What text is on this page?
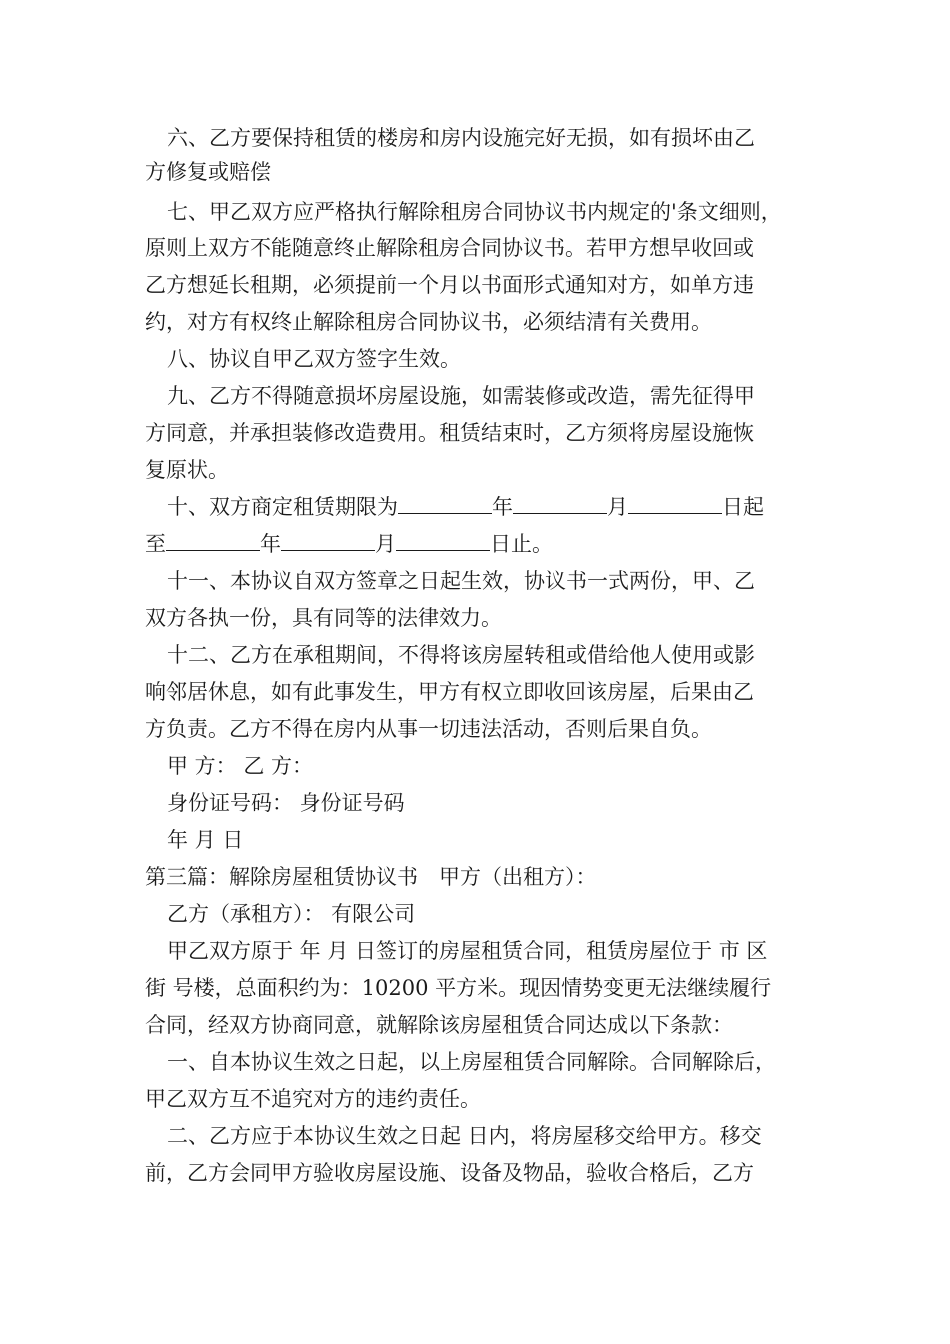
六、乙方要保持租赁的楼房和房内设施完好无损，如有损坏由乙
方修复或赔偿
七、甲乙双方应严格执行解除租房合同协议书内规定的'条文细则，
原则上双方不能随意终止解除租房合同协议书。若甲方想早收回或
乙方想延长租期，必须提前一个月以书面形式通知对方，如单方违
约，对方有权终止解除租房合同协议书，必须结清有关费用。
八、协议自甲乙双方签字生效。
九、乙方不得随意损坏房屋设施，如需装修或改造，需先征得甲
方同意，并承担装修改造费用。租赁结束时，乙方须将房屋设施恢
复原状。
十、双方商定租赁期限为	年	月	日起
至	年	月	日止。
十一、本协议自双方签章之日起生效，协议书一式两份，甲、乙
双方各执一份，具有同等的法律效力。
十二、乙方在承租期间，不得将该房屋转租或借给他人使用或影
响邻居休息，如有此事发生，甲方有权立即收回该房屋，后果由乙
方负责。乙方不得在房内从事一切违法活动，否则后果自负。
甲 方： 乙 方：
身份证号码： 身份证号码
年 月 日
第三篇：解除房屋租赁协议书　甲方（出租方）：
乙方（承租方）： 有限公司
甲乙双方原于 年 月 日签订的房屋租赁合同，租赁房屋位于 市 区
街 号楼，总面积约为：10200 平方米。现因情势变更无法继续履行
合同，经双方协商同意，就解除该房屋租赁合同达成以下条款：
一、自本协议生效之日起，以上房屋租赁合同解除。合同解除后，
甲乙双方互不追究对方的违约责任。
二、乙方应于本协议生效之日起 日内，将房屋移交给甲方。移交
前，乙方会同甲方验收房屋设施、设备及物品，验收合格后，乙方
